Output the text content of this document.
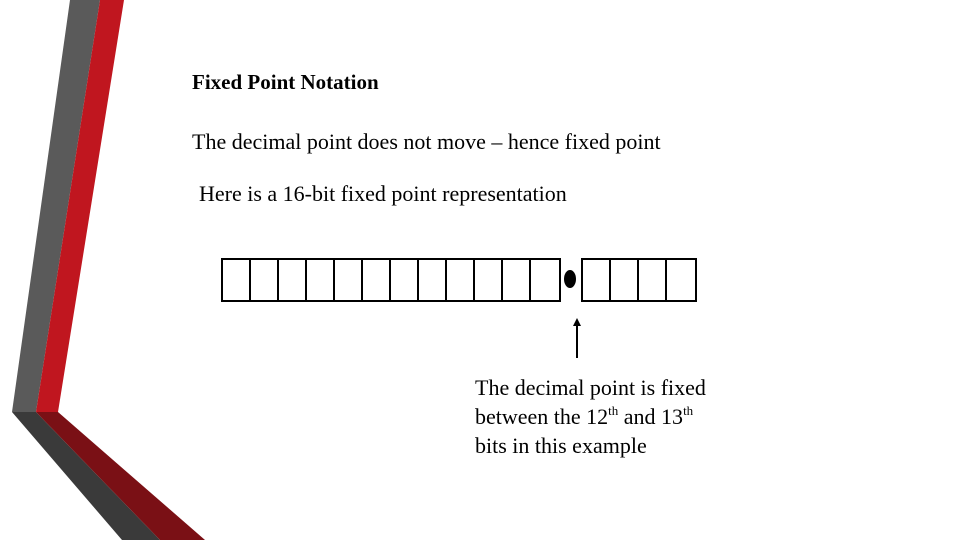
Fixed Point Notation
The decimal point does not move – hence fixed point
Here is a 16-bit fixed point representation
The decimal point is fixed
between the 12th and 13th
bits in this example
